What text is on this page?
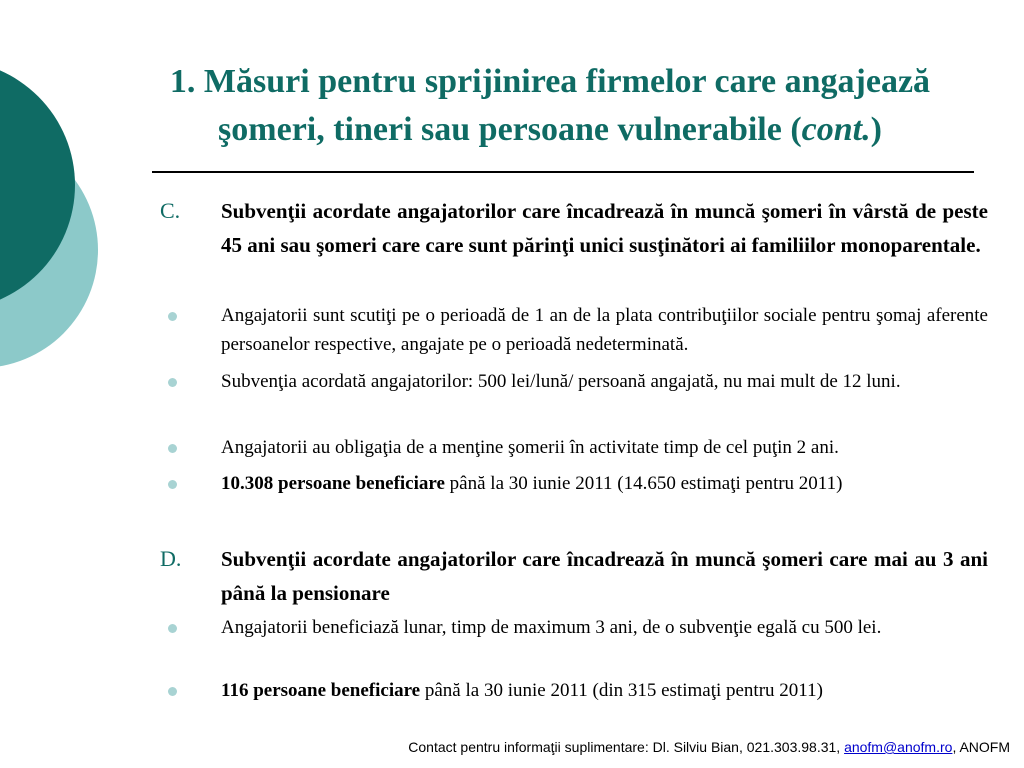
1. Măsuri pentru sprijinirea firmelor care angajează
şomeri, tineri sau persoane vulnerabile (cont.)
C. Subvenţii acordate angajatorilor care încadrează în muncă şomeri în vârstă de peste 45 ani sau şomeri care care sunt părinţi unici susţinători ai familiilor monoparentale.
Angajatorii sunt scutiţi pe o perioadă de 1 an de la plata contribuţiilor sociale pentru şomaj aferente persoanelor respective, angajate pe o perioadă nedeterminată.
Subvenţia acordată angajatorilor: 500 lei/lună/ persoană angajată, nu mai mult de 12 luni.
Angajatorii au obligaţia de a menţine şomerii în activitate timp de cel puţin 2 ani.
10.308 persoane beneficiare până la 30 iunie 2011 (14.650 estimaţi pentru 2011)
D. Subvenţii acordate angajatorilor care încadrează în muncă şomeri care mai au 3 ani până la pensionare
Angajatorii beneficiază lunar, timp de maximum 3 ani, de o subvenţie egală cu 500 lei.
116 persoane beneficiare până la 30 iunie 2011 (din 315 estimaţi pentru 2011)
Contact pentru informaţii suplimentare: Dl. Silviu Bian, 021.303.98.31, anofm@anofm.ro, ANOFM
